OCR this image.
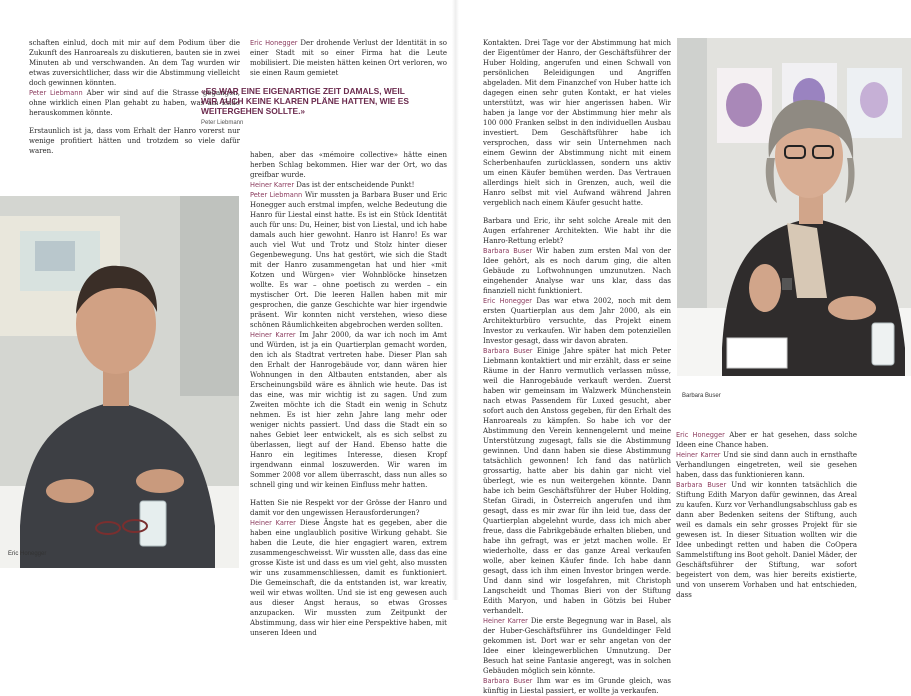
schaften einlud, doch mit mir auf dem Podium über die Zukunft des Hanroareals zu diskutieren, bauten sie in zwei Minuten ab und verschwanden. An dem Tag wurden wir etwas zuversichtlicher, dass wir die Abstimmung vielleicht doch gewinnen könnten.

Peter Liebmann Aber wir sind auf die Strasse gegangen, ohne wirklich einen Plan gehabt zu haben, was am Ende herauskommen könnte.

Erstaunlich ist ja, dass vom Erhalt der Hanro vorerst nur wenige profitiert hätten und trotzdem so viele dafür waren.

Eric Honegger Der drohende Verlust der Identität in so einer Stadt mit so einer Firma hat die Leute mobilisiert. Die meisten hätten keinen Ort verloren, wo sie einen Raum gemietet

«ES WAR EINE EIGENARTIGE ZEIT DAMALS, WEIL WIR AUCH KEINE KLAREN PLÄNE HATTEN, WIE ES WEITERGEHEN SOLLTE.»
Peter Liebmann

haben, aber das «mémoire collective» hätte einen herben Schlag bekommen. Hier war der Ort, wo das greifbar wurde.

Heiner Karrer Das ist der entscheidende Punkt!

Peter Liebmann Wir mussten ja Barbara Buser und Eric Honegger auch erstmal impfen, welche Bedeutung die Hanro für Liestal einst hatte. Es ist ein Stück Identität auch für uns: Du, Heiner, bist von Liestal, und ich habe damals auch hier gewohnt. Hanro ist Hanro! Es war auch viel Wut und Trotz und Stolz hinter dieser Gegenbewegung. Uns hat gestört, wie sich die Stadt mit der Hanro zusammengetan hat und hier «mit Kotzen und Würgen» vier Wohnblöcke hinsetzen wollte. Es war – ohne poetisch zu werden – ein mystischer Ort. Die leeren Hallen haben mit mir gesprochen, die ganze Geschichte war hier irgendwie präsent. Wir konnten nicht verstehen, wieso diese schönen Räumlichkeiten abgebrochen werden sollten.

Heiner Karrer Im Jahr 2000, da war ich noch im Amt und Würden, ist ja ein Quartierplan gemacht worden, den ich als Stadtrat vertreten habe. Dieser Plan sah den Erhalt der Hanrogebäude vor, dann wären hier Wohnungen in den Altbauten entstanden, aber als Erscheinungsbild wäre es ähnlich wie heute. Das ist das eine, was mir wichtig ist zu sagen. Und zum Zweiten möchte ich die Stadt ein wenig in Schutz nehmen. Es ist hier zehn Jahre lang mehr oder weniger nichts passiert. Und dass die Stadt ein so nahes Gebiet leer entwickelt, als es sich selbst zu überlassen, liegt auf der Hand. Ebenso hatte die Hanro ein legitimes Interesse, diesen Kropf irgendwann einmal loszuwerden. Wir waren im Sommer 2008 vor allem überrascht, dass nun alles so schnell ging und wir keinen Einfluss mehr hatten.

Hatten Sie nie Respekt vor der Grösse der Hanro und damit vor den ungewissen Herausforderungen?

Heiner Karrer Diese Ängste hat es gegeben, aber die haben eine unglaublich positive Wirkung gehabt. Sie haben die Leute, die hier engagiert waren, extrem zusammengeschweisst. Wir wussten alle, dass das eine grosse Kiste ist und dass es um viel geht, also mussten wir uns zusammenschliessen, damit es funktioniert. Die Gemeinschaft, die da entstanden ist, war kreativ, weil wir etwas wollten. Und sie ist eng gewesen auch aus dieser Angst heraus, so etwas Grosses anzupacken. Wir mussten zum Zeitpunkt der Abstimmung, dass wir hier eine Perspektive haben, mit unseren Ideen und

Eric Honegger

Kontakten. Drei Tage vor der Abstimmung hat mich der Eigentümer der Hanro, der Geschäftsführer der Huber Holding, angerufen und einen Schwall von persönlichen Beleidigungen und Angriffen abgeladen. Mit dem Finanzchef von Huber hatte ich dagegen einen sehr guten Kontakt, er hat vieles unterstützt, was wir hier angerissen haben. Wir haben ja lange vor der Abstimmung hier mehr als 100 000 Franken selbst in den individuellen Ausbau investiert. Dem Geschäftsführer habe ich versprochen, dass wir sein Unternehmen nach einem Gewinn der Abstimmung nicht mit einem Scherbenhaufen zurücklassen, sondern uns aktiv um einen Käufer bemühen werden. Das Vertrauen allerdings hielt sich in Grenzen, auch, weil die Hanro selbst mit viel Aufwand während Jahren vergeblich nach einem Käufer gesucht hatte.

Barbara und Eric, ihr seht solche Areale mit den Augen erfahrener Architekten. Wie habt ihr die Hanro-Rettung erlebt?

Barbara Buser Wir haben zum ersten Mal von der Idee gehört, als es noch darum ging, die alten Gebäude zu Loftwohnungen umzunutzen. Nach eingehender Analyse war uns klar, dass das finanziell nicht funktioniert.

Eric Honegger Das war etwa 2002, noch mit dem ersten Quartierplan aus dem Jahr 2000, als ein Architekturbüro versuchte, das Projekt einem Investor zu verkaufen. Wir haben dem potenziellen Investor gesagt, dass wir davon abraten.

Barbara Buser Einige Jahre später hat mich Peter Liebmann kontaktiert und mir erzählt, dass er seine Räume in der Hanro vermutlich verlassen müsse, weil die Hanrogebäude verkauft werden. Zuerst haben wir gemeinsam im Walzwerk Münchenstein nach etwas Passendem für Luxed gesucht, aber sofort auch den Anstoss gegeben, für den Erhalt des Hanroareals zu kämpfen. So habe ich vor der Abstimmung den Verein kennengelernt und meine Unterstützung zugesagt, falls sie die Abstimmung gewinnen. Und dann haben sie diese Abstimmung tatsächlich gewonnen! Ich fand das natürlich grossartig, hatte aber bis dahin gar nicht viel überlegt, wie es nun weitergehen könnte. Dann habe ich beim Geschäftsführer der Huber Holding, Stefan Giradi, in Österreich angerufen und ihm gesagt, dass es mir zwar für ihn leid tue, dass der Quartierplan abgelehnt wurde, dass ich mich aber freue, dass die Fabrikgebäude erhalten blieben, und habe ihn gefragt, was er jetzt machen wolle. Er wiederholte, dass er das ganze Areal verkaufen wolle, aber keinen Käufer finde. Ich habe dann gesagt, dass ich ihm einen Investor bringen werde. Und dann sind wir losgefahren, mit Christoph Langscheidt und Thomas Bieri von der Stiftung Edith Maryon, und haben in Götzis bei Huber verhandelt.

Heiner Karrer Die erste Begegnung war in Basel, als der Huber-Geschäftsführer ins Gundeldinger Feld gekommen ist. Dort war er sehr angetan von der Idee einer kleingewerblichen Umnutzung. Der Besuch hat seine Fantasie angeregt, was in solchen Gebäuden möglich sein könnte.

Barbara Buser Ihm war es im Grunde gleich, was künftig in Liestal passiert, er wollte ja verkaufen.

Barbara Buser

Eric Honegger Aber er hat gesehen, dass solche Ideen eine Chance haben.

Heiner Karrer Und sie sind dann auch in ernsthafte Verhandlungen eingetreten, weil sie gesehen haben, dass das funktionieren kann.

Barbara Buser Und wir konnten tatsächlich die Stiftung Edith Maryon dafür gewinnen, das Areal zu kaufen. Kurz vor Verhandlungsabschluss gab es dann aber Bedenken seitens der Stiftung, auch weil es damals ein sehr grosses Projekt für sie gewesen ist. In dieser Situation wollten wir die Idee unbedingt retten und haben die CoOpera Sammelstiftung ins Boot geholt. Daniel Mäder, der Geschäftsführer der Stiftung, war sofort begeistert von dem, was hier bereits existierte, und von unserem Vorhaben und hat entschieden, dass
